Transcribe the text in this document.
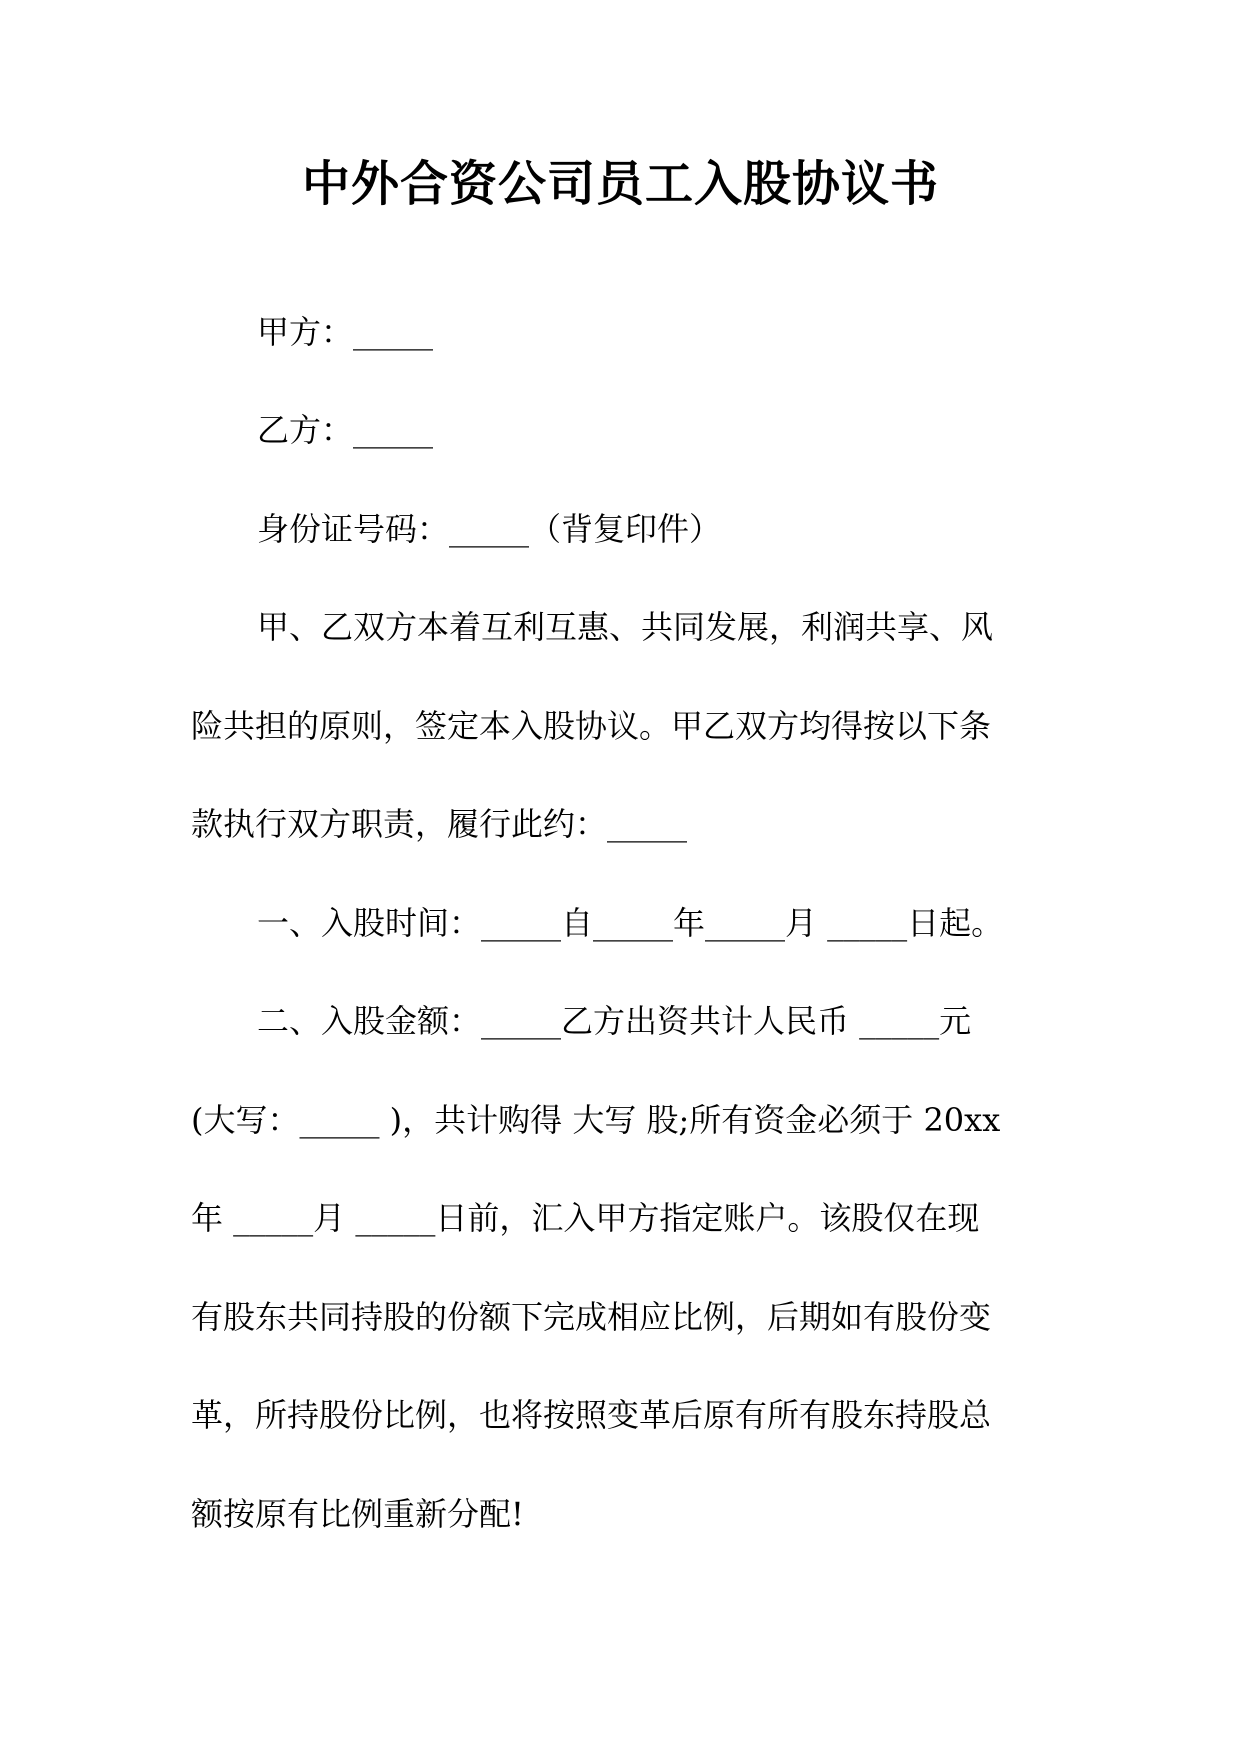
中外合资公司员工入股协议书
甲方：_____
乙方：_____
身份证号码：_____（背复印件）
甲、乙双方本着互利互惠、共同发展，利润共享、风
险共担的原则，签定本入股协议。甲乙双方均得按以下条
款执行双方职责，履行此约：_____
一、入股时间：_____自_____年_____月 _____日起。
二、入股金额：_____乙方出资共计人民币 _____元
(大写：_____ )，共计购得 大写 股;所有资金必须于 20xx
年 _____月 _____日前，汇入甲方指定账户。该股仅在现
有股东共同持股的份额下完成相应比例，后期如有股份变
革，所持股份比例，也将按照变革后原有所有股东持股总
额按原有比例重新分配!
